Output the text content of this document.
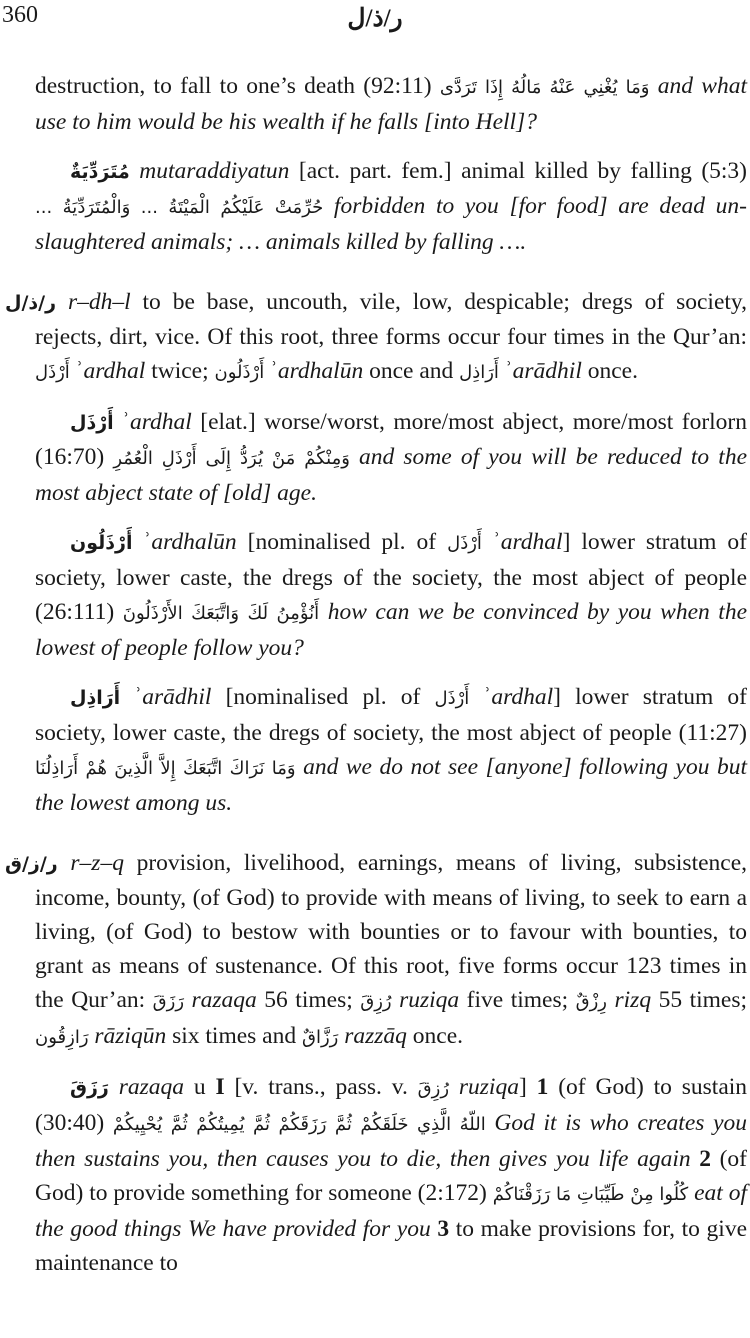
360	ر/ذ/ل

destruction, to fall to one’s death (92:11) وَمَا يُغْنِي عَنْهُ مَالُهُ إِذَا تَرَدَّى and what use to him would be his wealth if he falls [into Hell]?

مُتَرَدِّيَةٌ mutaraddiyatun [act. part. fem.] animal killed by falling (5:3) حُرِّمَتْ عَلَيْكُمُ الْمَيْتَةُ ... وَالْمُتَرَدِّيَةُ ... forbidden to you [for food] are dead un-slaughtered animals; … animals killed by falling ….

ر/ذ/ل r–dh–l to be base, uncouth, vile, low, despicable; dregs of society, rejects, dirt, vice. Of this root, three forms occur four times in the Qur’an: أَرْذَل ʾardhal twice; أَرْذَلُون ʾardhalūn once and أَرَاذِل ʾarādhil once.

أَرْذَل ʾardhal [elat.] worse/worst, more/most abject, more/most forlorn (16:70) وَمِنْكُمْ مَنْ يُرَدُّ إِلَى أَرْذَلِ الْعُمُرِ and some of you will be reduced to the most abject state of [old] age.

أَرْذَلُون ʾardhalūn [nominalised pl. of أَرْذَل ʾardhal] lower stratum of society, lower caste, the dregs of the society, the most abject of people (26:111) أَنُؤْمِنُ لَكَ وَاتَّبَعَكَ الأَرْذَلُونَ how can we be convinced by you when the lowest of people follow you?

أَرَاذِل ʾarādhil [nominalised pl. of أَرْذَل ʾardhal] lower stratum of society, lower caste, the dregs of society, the most abject of people (11:27) وَمَا نَرَاكَ اتَّبَعَكَ إِلاَّ الَّذِينَ هُمْ أَرَاذِلُنَا and we do not see [anyone] following you but the lowest among us.

ر/ز/ق r–z–q provision, livelihood, earnings, means of living, subsistence, income, bounty, (of God) to provide with means of living, to seek to earn a living, (of God) to bestow with bounties or to favour with bounties, to grant as means of sustenance. Of this root, five forms occur 123 times in the Qur’an: رَزَقَ razaqa 56 times; رُزِقَ ruziqa five times; رِزْقٌ rizq 55 times; رَازِقُون rāziqūn six times and رَزَّاقٌ razzāq once.

رَزَقَ razaqa u I [v. trans., pass. v. رُزِقَ ruziqa] 1 (of God) to sustain (30:40) اللّهُ الَّذِي خَلَقَكُمْ ثُمَّ رَزَقَكُمْ ثُمَّ يُمِيتُكُمْ ثُمَّ يُحْيِيكُمْ God it is who creates you then sustains you, then causes you to die, then gives you life again 2 (of God) to provide something for someone (2:172) كُلُوا مِنْ طَيِّبَاتِ مَا رَزَقْنَاكُمْ eat of the good things We have provided for you 3 to make provisions for, to give maintenance to
